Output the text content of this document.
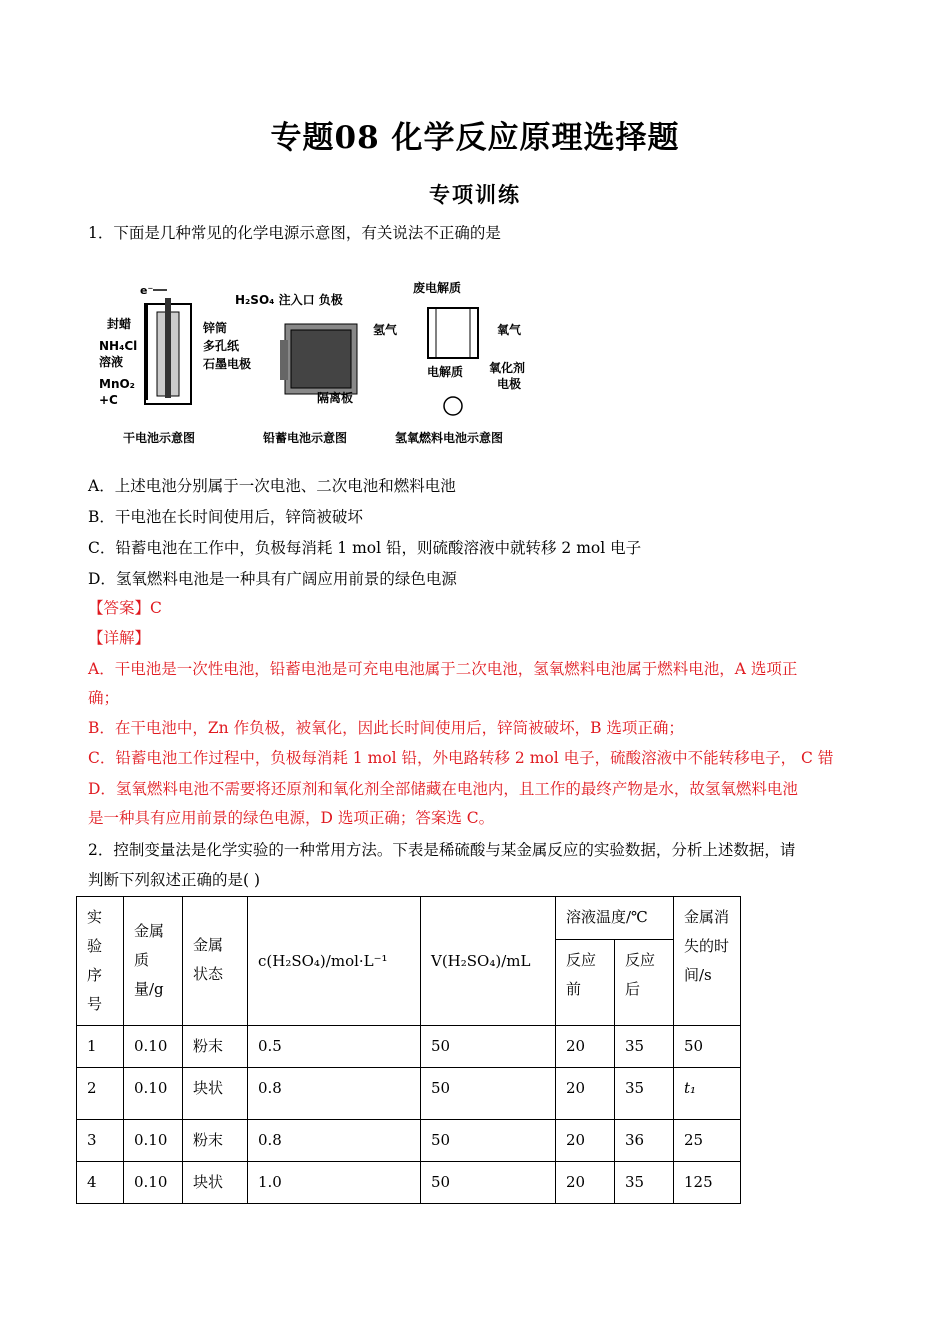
专题08 化学反应原理选择题
专项训练
1．下面是几种常见的化学电源示意图，有关说法不正确的是
e⁻
封蜡
NH₄Cl
溶液
MnO₂
+C
锌筒
多孔纸
石墨电极
干电池示意图
H₂SO₄ 注入口 负极
隔离板
铅蓄电池示意图
废电解质
氢气	氧气
电解质 氧化剂
电极
氢氧燃料电池示意图
A．上述电池分别属于一次电池、二次电池和燃料电池
B．干电池在长时间使用后，锌筒被破坏
C．铅蓄电池在工作中，负极每消耗 1 mol 铅，则硫酸溶液中就转移 2 mol 电子
D．氢氧燃料电池是一种具有广阔应用前景的绿色电源
【答案】C
【详解】
A．干电池是一次性电池，铅蓄电池是可充电电池属于二次电池，氢氧燃料电池属于燃料电池，A 选项正
确；
B．在干电池中，Zn 作负极，被氧化，因此长时间使用后，锌筒被破坏，B 选项正确；
C．铅蓄电池工作过程中，负极每消耗 1 mol 铅，外电路转移 2 mol 电子，硫酸溶液中不能转移电子， C 错
D．氢氧燃料电池不需要将还原剂和氧化剂全部储藏在电池内，且工作的最终产物是水，故氢氧燃料电池
是一种具有应用前景的绿色电源，D 选项正确；答案选 C。
2．控制变量法是化学实验的一种常用方法。下表是稀硫酸与某金属反应的实验数据，分析上述数据，请
判断下列叙述正确的是( )
实验序号	金属质量/g	金属状态	c(H₂SO₄)/mol·L⁻¹	V(H₂SO₄)/mL	溶液温度/℃		金属消失的时间/s
					反应前	反应后	
1	0.10	粉末	0.5	50	20	35	50
2	0.10	块状	0.8	50	20	35	t₁
3	0.10	粉末	0.8	50	20	36	25
4	0.10	块状	1.0	50	20	35	125
